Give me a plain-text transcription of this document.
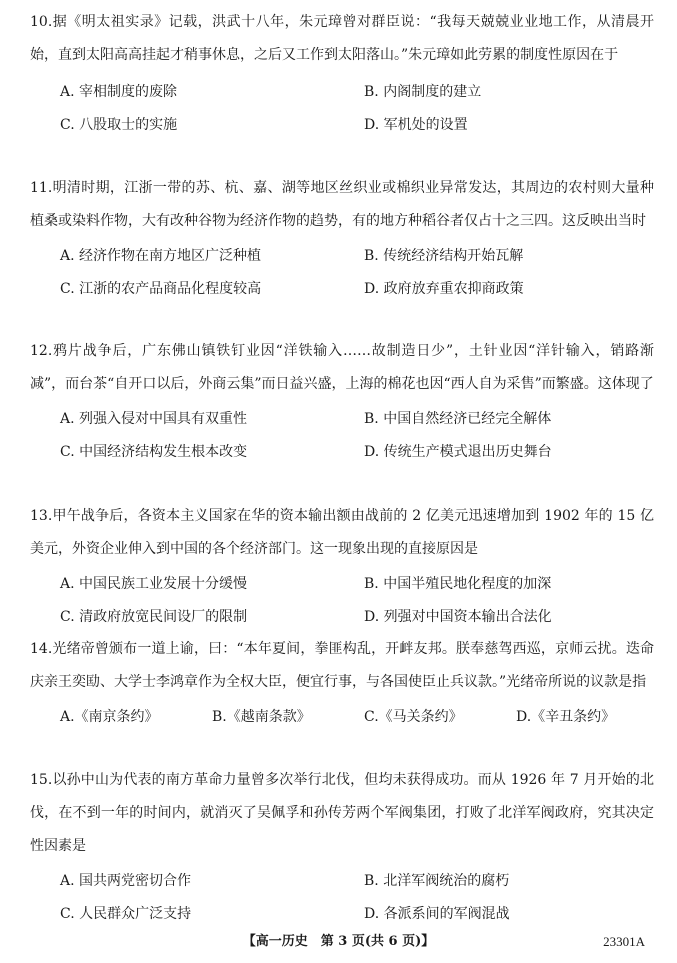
10.据《明太祖实录》记载，洪武十八年，朱元璋曾对群臣说：“我每天兢兢业业地工作，从清晨开始，直到太阳高高挂起才稍事休息，之后又工作到太阳落山。”朱元璋如此劳累的制度性原因在于

A. 宰相制度的废除	B. 内阁制度的建立
C. 八股取士的实施	D. 军机处的设置

11.明清时期，江浙一带的苏、杭、嘉、湖等地区丝织业或棉织业异常发达，其周边的农村则大量种植桑或染料作物，大有改种谷物为经济作物的趋势，有的地方种稻谷者仅占十之三四。这反映出当时

A. 经济作物在南方地区广泛种植	B. 传统经济结构开始瓦解
C. 江浙的农产品商品化程度较高	D. 政府放弃重农抑商政策

12.鸦片战争后，广东佛山镇铁钉业因“洋铁输入……故制造日少”，土针业因“洋针输入，销路渐减”，而台茶“自开口以后，外商云集”而日益兴盛，上海的棉花也因“西人自为采售”而繁盛。这体现了

A. 列强入侵对中国具有双重性	B. 中国自然经济已经完全解体
C. 中国经济结构发生根本改变	D. 传统生产模式退出历史舞台

13.甲午战争后，各资本主义国家在华的资本输出额由战前的 2 亿美元迅速增加到 1902 年的 15 亿美元，外资企业伸入到中国的各个经济部门。这一现象出现的直接原因是

A. 中国民族工业发展十分缓慢	B. 中国半殖民地化程度的加深
C. 清政府放宽民间设厂的限制	D. 列强对中国资本输出合法化

14.光绪帝曾颁布一道上谕，曰：“本年夏间，拳匪构乱，开衅友邦。朕奉慈驾西巡，京师云扰。迭命庆亲王奕劻、大学士李鸿章作为全权大臣，便宜行事，与各国使臣止兵议款。”光绪帝所说的议款是指

A.《南京条约》	B.《越南条款》	C.《马关条约》	D.《辛丑条约》

15.以孙中山为代表的南方革命力量曾多次举行北伐，但均未获得成功。而从 1926 年 7 月开始的北伐，在不到一年的时间内，就消灭了吴佩孚和孙传芳两个军阀集团，打败了北洋军阀政府，究其决定性因素是

A. 国共两党密切合作	B. 北洋军阀统治的腐朽
C. 人民群众广泛支持	D. 各派系间的军阀混战
【高一历史　第 3 页(共 6 页)】	23301A
